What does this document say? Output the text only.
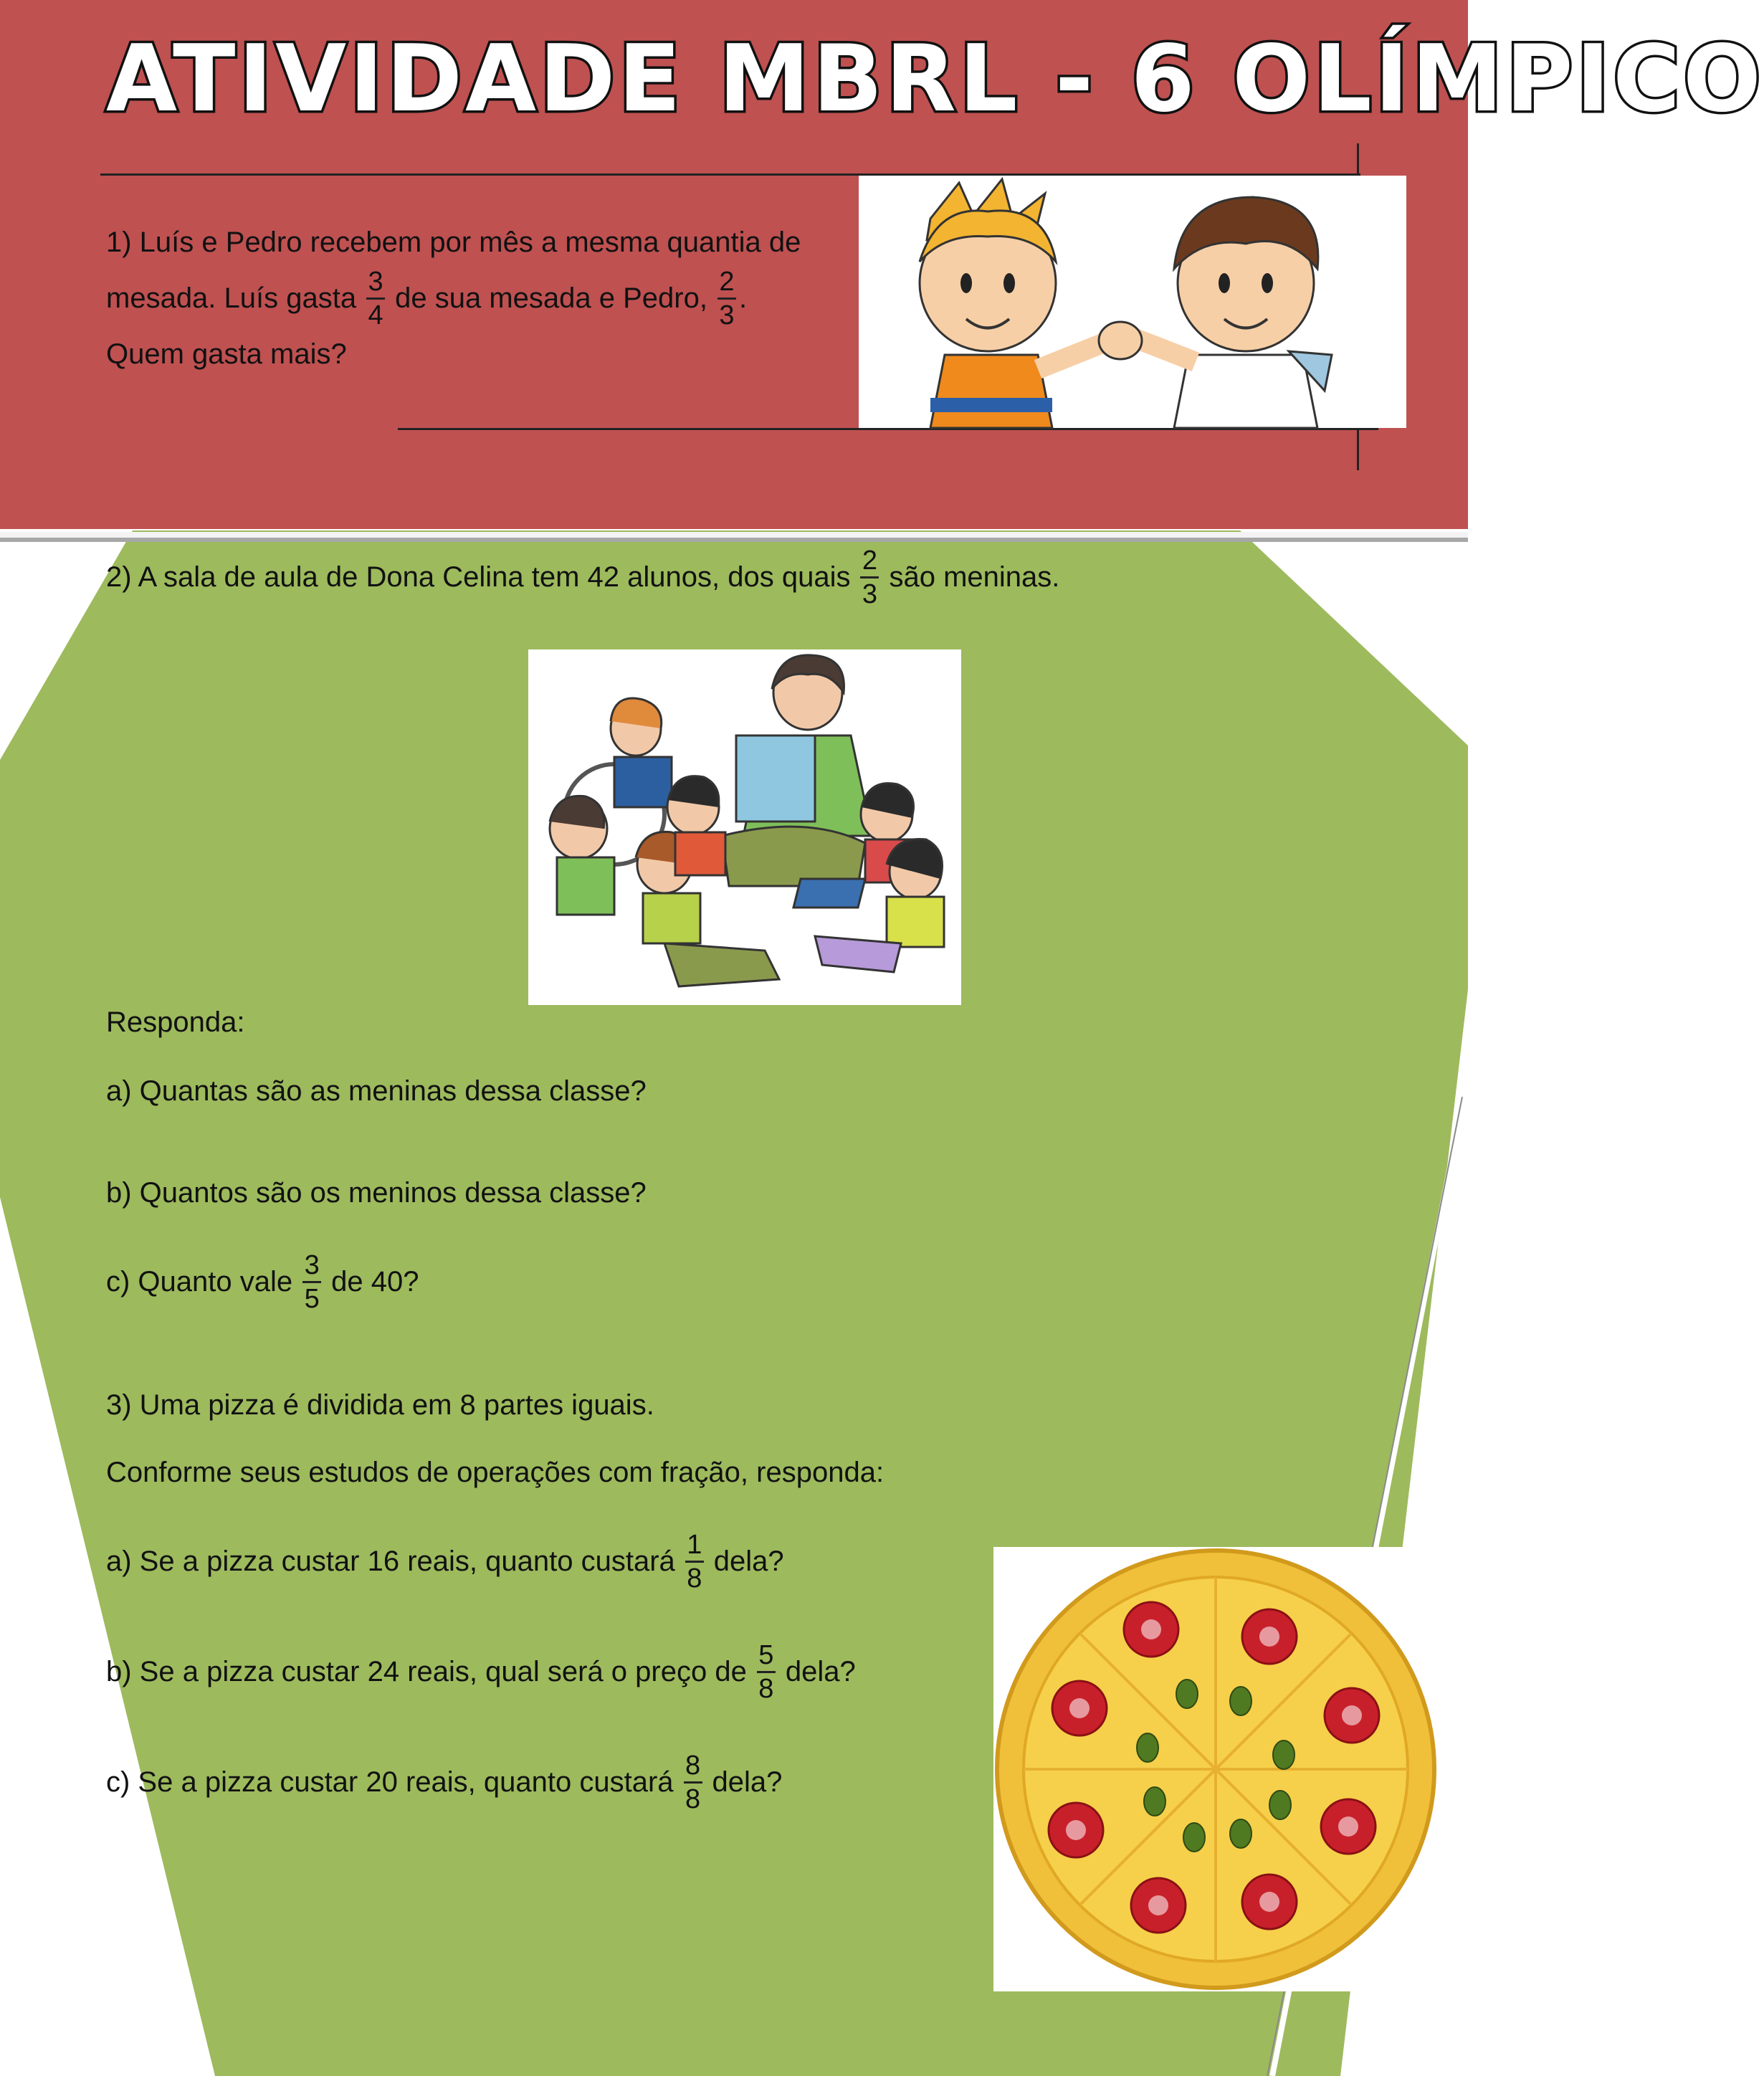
ATIVIDADE MBRL - 6 OLÍMPICO
1) Luís e Pedro recebem por mês a mesma quantia de
mesada. Luís gasta $\frac{3}{4}$ de sua mesada e Pedro, $\frac{2}{3}$ .
Quem gasta mais?
2) A sala de aula de Dona Celina tem 42 alunos, dos quais $\frac{2}{3}$ são meninas.
Responda:
a) Quantas são as meninas dessa classe?
b) Quantos são os meninos dessa classe?
c) Quanto vale $\frac{3}{5}$ de 40?
3) Uma pizza é dividida em 8 partes iguais.
Conforme seus estudos de operações com fração, responda:
a) Se a pizza custar 16 reais, quanto custará $\frac{1}{8}$ dela?
b) Se a pizza custar 24 reais, qual será o preço de $\frac{5}{8}$ dela?
c) Se a pizza custar 20 reais, quanto custará $\frac{8}{8}$ dela?
